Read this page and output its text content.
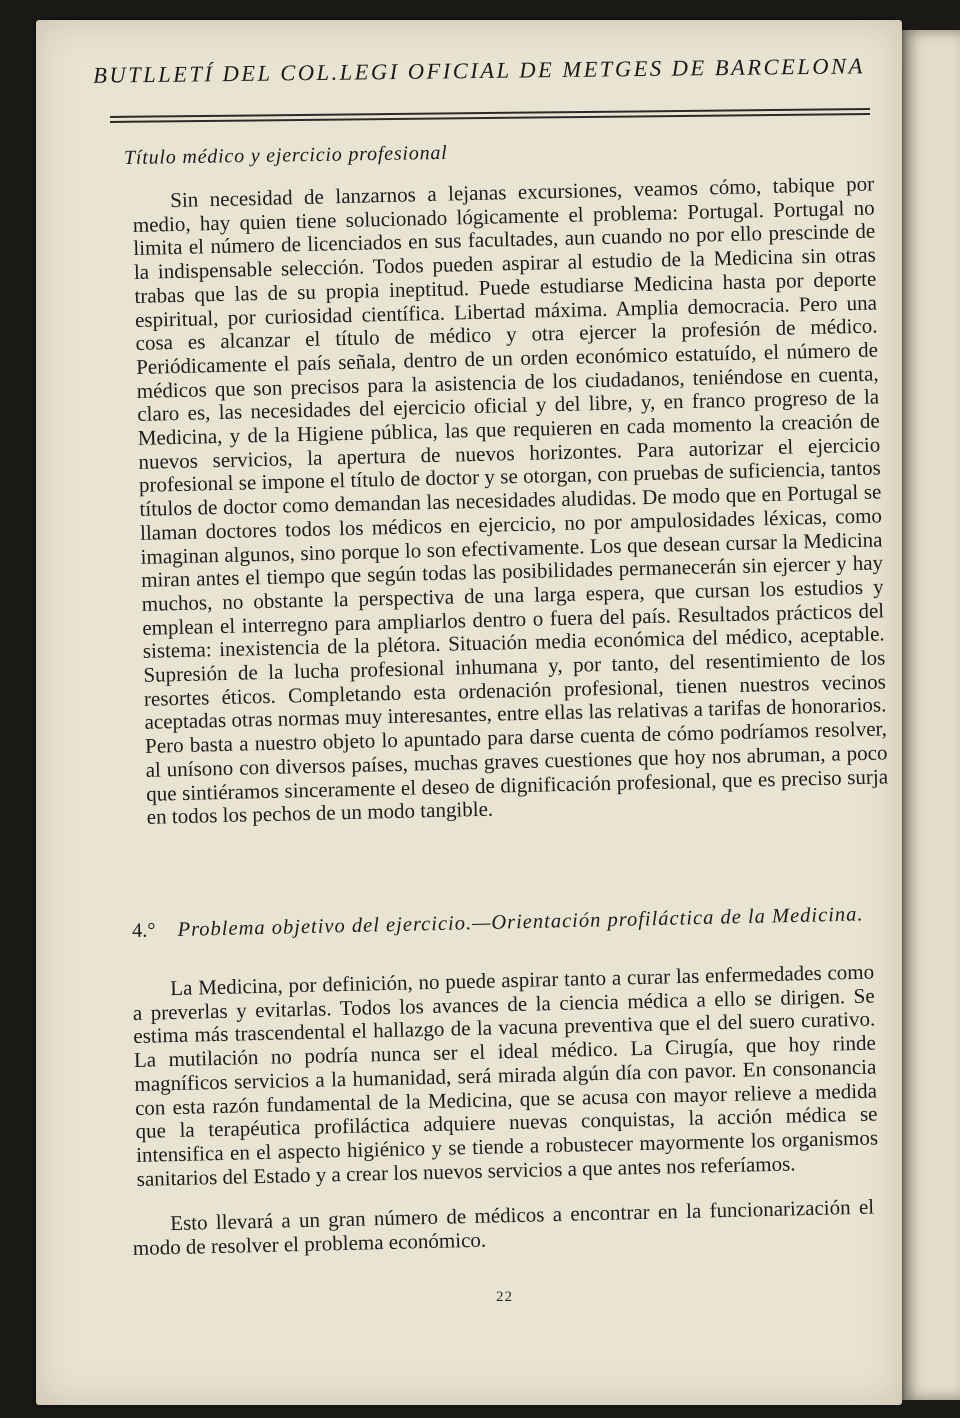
BUTLLETÍ DEL COL.LEGI OFICIAL DE METGES DE BARCELONA
Título médico y ejercicio profesional

Sin necesidad de lanzarnos a lejanas excursiones, veamos cómo, tabique por medio, hay quien tiene solucionado lógicamente el problema: Portugal. Portugal no limita el número de licenciados en sus facultades, aun cuando no por ello prescinde de la indispensable selección. Todos pueden aspirar al estudio de la Medicina sin otras trabas que las de su propia ineptitud. Puede estudiarse Medicina hasta por deporte espiritual, por curiosidad científica. Libertad máxima. Amplia democracia. Pero una cosa es alcanzar el título de médico y otra ejercer la profesión de médico. Periódicamente el país señala, dentro de un orden económico estatuído, el número de médicos que son precisos para la asistencia de los ciudadanos, teniéndose en cuenta, claro es, las necesidades del ejercicio oficial y del libre, y, en franco progreso de la Medicina, y de la Higiene pública, las que requieren en cada momento la creación de nuevos servicios, la apertura de nuevos horizontes. Para autorizar el ejercicio profesional se impone el título de doctor y se otorgan, con pruebas de suficiencia, tantos títulos de doctor como demandan las necesidades aludidas. De modo que en Portugal se llaman doctores todos los médicos en ejercicio, no por ampulosidades léxicas, como imaginan algunos, sino porque lo son efectivamente. Los que desean cursar la Medicina miran antes el tiempo que según todas las posibilidades permanecerán sin ejercer y hay muchos, no obstante la perspectiva de una larga espera, que cursan los estudios y emplean el interregno para ampliarlos dentro o fuera del país. Resultados prácticos del sistema: inexistencia de la plétora. Situación media económica del médico, aceptable. Supresión de la lucha profesional inhumana y, por tanto, del resentimiento de los resortes éticos. Completando esta ordenación profesional, tienen nuestros vecinos aceptadas otras normas muy interesantes, entre ellas las relativas a tarifas de honorarios. Pero basta a nuestro objeto lo apuntado para darse cuenta de cómo podríamos resolver, al unísono con diversos países, muchas graves cuestiones que hoy nos abruman, a poco que sintiéramos sinceramente el deseo de dignificación profesional, que es preciso surja en todos los pechos de un modo tangible.

4.° Problema objetivo del ejercicio.—Orientación profiláctica de la Medicina.

La Medicina, por definición, no puede aspirar tanto a curar las enfermedades como a preverlas y evitarlas. Todos los avances de la ciencia médica a ello se dirigen. Se estima más trascendental el hallazgo de la vacuna preventiva que el del suero curativo. La mutilación no podría nunca ser el ideal médico. La Cirugía, que hoy rinde magníficos servicios a la humanidad, será mirada algún día con pavor. En consonancia con esta razón fundamental de la Medicina, que se acusa con mayor relieve a medida que la terapéutica profiláctica adquiere nuevas conquistas, la acción médica se intensifica en el aspecto higiénico y se tiende a robustecer mayormente los organismos sanitarios del Estado y a crear los nuevos servicios a que antes nos referíamos.

Esto llevará a un gran número de médicos a encontrar en la funcionarización el modo de resolver el problema económico.

22
